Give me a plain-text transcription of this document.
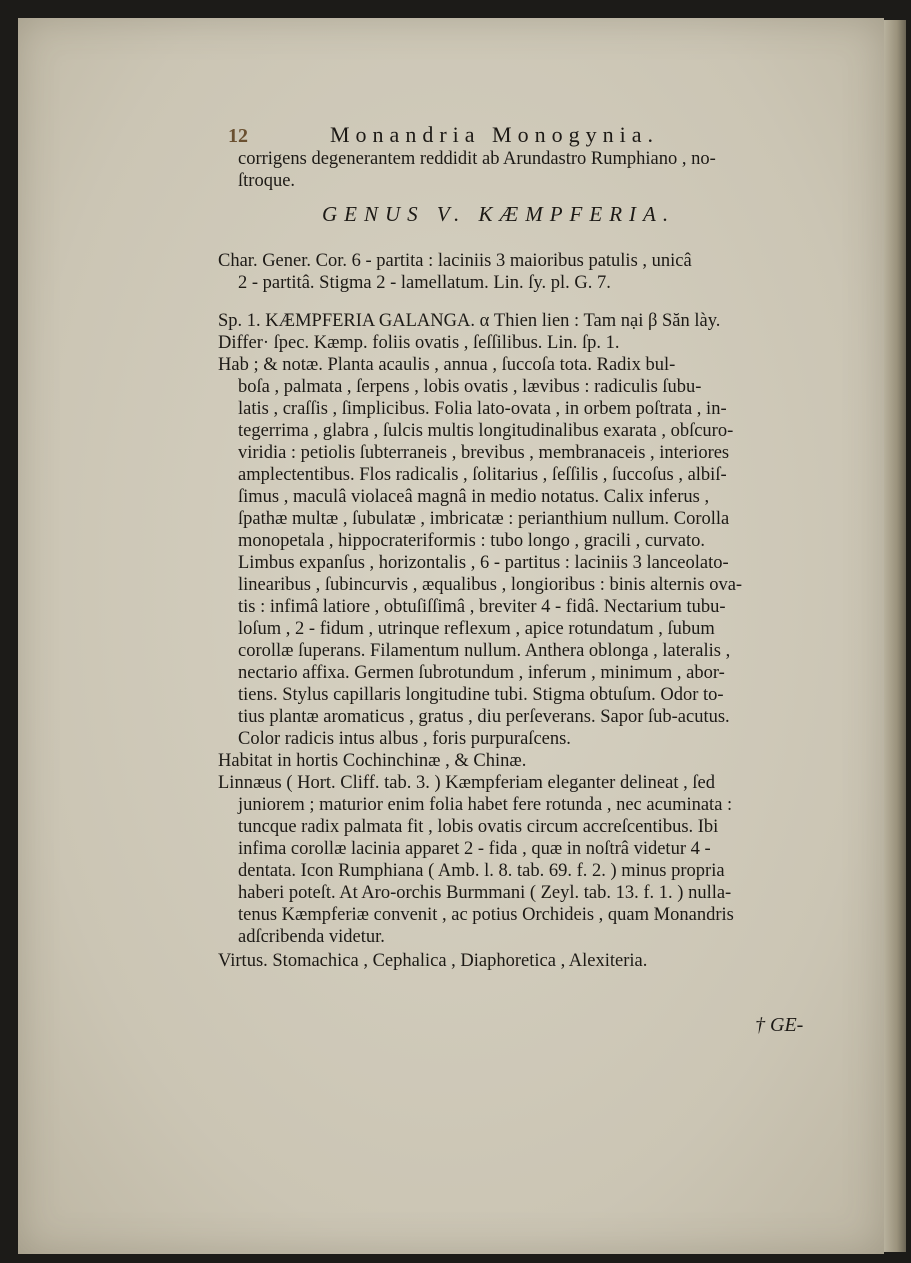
12	Monandria Monogynia.
corrigens degenerantem reddidit ab Arundastro Rumphiano , no-
ſtroque.
GENUS V. KÆMPFERIA.
Char. Gener. Cor. 6 - partita : laciniis 3 maioribus patulis , unicâ
2 - partitâ. Stigma 2 - lamellatum. Lin. ſy. pl. G. 7.
Sp. 1. KÆMPFERIA GALANGA. α Thien lien : Tam nại β Săn lày.
Differ· ſpec. Kæmp. foliis ovatis , ſeſſilibus. Lin. ſp. 1.
Hab ; & notæ. Planta acaulis , annua , ſuccoſa tota. Radix bul-
boſa , palmata , ſerpens , lobis ovatis , lævibus : radiculis ſubu-
latis , craſſis , ſimplicibus. Folia lato-ovata , in orbem poſtrata , in-
tegerrima , glabra , ſulcis multis longitudinalibus exarata , obſcuro-
viridia : petiolis ſubterraneis , brevibus , membranaceis , interiores
amplectentibus. Flos radicalis , ſolitarius , ſeſſilis , ſuccoſus , albiſ-
ſimus , maculâ violaceâ magnâ in medio notatus. Calix inferus ,
ſpathæ multæ , ſubulatæ , imbricatæ : perianthium nullum. Corolla
monopetala , hippocrateriformis : tubo longo , gracili , curvato.
Limbus expanſus , horizontalis , 6 - partitus : laciniis 3 lanceolato-
linearibus , ſubincurvis , æqualibus , longioribus : binis alternis ova-
tis : infimâ latiore , obtuſiſſimâ , breviter 4 - fidâ. Nectarium tubu-
loſum , 2 - fidum , utrinque reflexum , apice rotundatum , ſubum
corollæ ſuperans. Filamentum nullum. Anthera oblonga , lateralis ,
nectario affixa. Germen ſubrotundum , inferum , minimum , abor-
tiens. Stylus capillaris longitudine tubi. Stigma obtuſum. Odor to-
tius plantæ aromaticus , gratus , diu perſeverans. Sapor ſub-acutus.
Color radicis intus albus , foris purpuraſcens.
Habitat in hortis Cochinchinæ , & Chinæ.
Linnæus ( Hort. Cliff. tab. 3. ) Kæmpferiam eleganter delineat , ſed
juniorem ; maturior enim folia habet fere rotunda , nec acuminata :
tuncque radix palmata fit , lobis ovatis circum accreſcentibus. Ibi
infima corollæ lacinia apparet 2 - fida , quæ in noſtrâ videtur 4 -
dentata. Icon Rumphiana ( Amb. l. 8. tab. 69. f. 2. ) minus propria
haberi poteſt. At Aro-orchis Burmmani ( Zeyl. tab. 13. f. 1. ) nulla-
tenus Kæmpferiæ convenit , ac potius Orchideis , quam Monandris
adſcribenda videtur.
Virtus. Stomachica , Cephalica , Diaphoretica , Alexiteria.
† GE-
